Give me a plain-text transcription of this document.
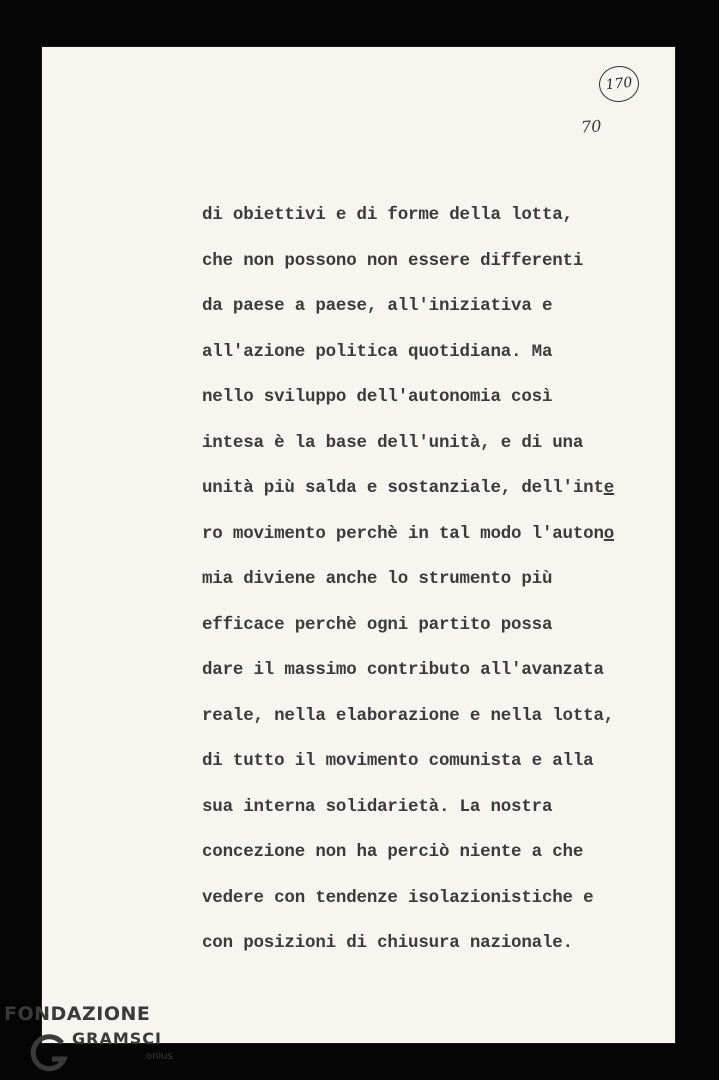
170
70
di obiettivi e di forme della lotta,
che non possono non essere differenti
da paese a paese, all'iniziativa e
all'azione politica quotidiana. Ma
nello sviluppo dell'autonomia così
intesa è la base dell'unità, e di una
unità più salda e sostanziale, dell'inte
ro movimento perchè in tal modo l'autono
mia diviene anche lo strumento più
efficace perchè ogni partito possa
dare il massimo contributo all'avanzata
reale, nella elaborazione e nella lotta,
di tutto il movimento comunista e alla
sua interna solidarietà. La nostra
concezione non ha perciò niente a che
vedere con tendenze isolazionistiche e
con posizioni di chiusura nazionale.
FONDAZIONE
GRAMSCI
onlus
